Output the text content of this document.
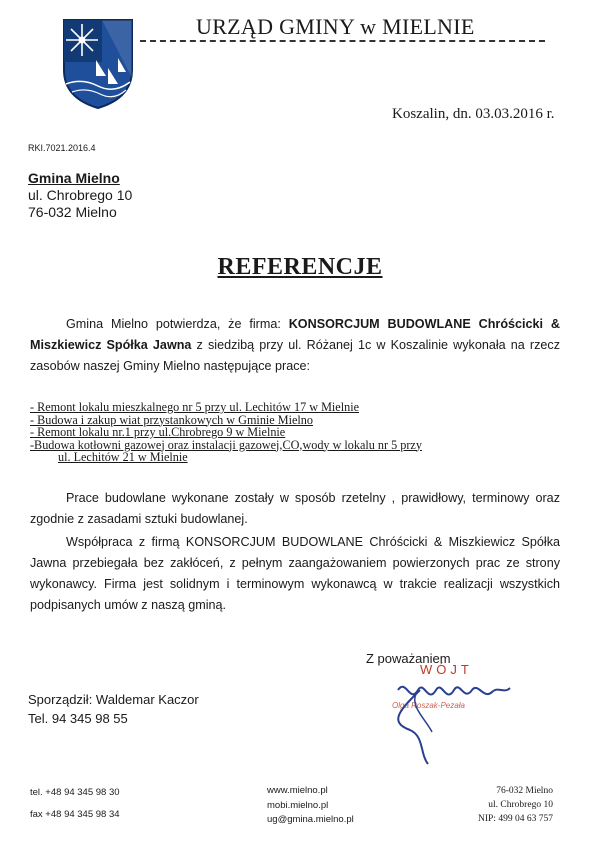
URZĄD GMINY w MIELNIE
Koszalin, dn. 03.03.2016 r.
RKI.7021.2016.4
Gmina Mielno
ul. Chrobrego 10
76-032 Mielno
REFERENCJE
Gmina Mielno potwierdza, że firma: KONSORCJUM BUDOWLANE Chróścicki & Miszkiewicz Spółka Jawna z siedzibą przy ul. Różanej 1c w Koszalinie wykonała na rzecz zasobów naszej Gminy Mielno następujące prace:
- Remont lokalu mieszkalnego nr 5 przy ul. Lechitów 17 w Mielnie
- Budowa i zakup wiat przystankowych w Gminie Mielno
- Remont lokalu nr.1 przy ul.Chrobrego 9 w Mielnie
-Budowa kotłowni gazowej oraz instalacji gazowej,CO,wody w lokalu nr 5 przy
ul. Lechitów 21 w Mielnie
Prace budowlane wykonane zostały w sposób rzetelny , prawidłowy, terminowy oraz zgodnie z zasadami sztuki budowlanej.
Współpraca z firmą KONSORCJUM BUDOWLANE Chróścicki & Miszkiewicz Spółka Jawna przebiegała bez zakłóceń, z pełnym zaangażowaniem powierzonych prac ze strony wykonawcy. Firma jest solidnym i terminowym wykonawcą w trakcie realizacji wszystkich podpisanych umów z naszą gminą.
Z poważaniem
WÓJT
Olga Roszak-Pezała
Sporządził: Waldemar Kaczor
Tel. 94 345 98 55
tel. +48 94 345 98 30
fax +48 94 345 98 34
www.mielno.pl
mobi.mielno.pl
ug@gmina.mielno.pl
76-032 Mielno
ul. Chrobrego 10
NIP: 499 04 63 757
